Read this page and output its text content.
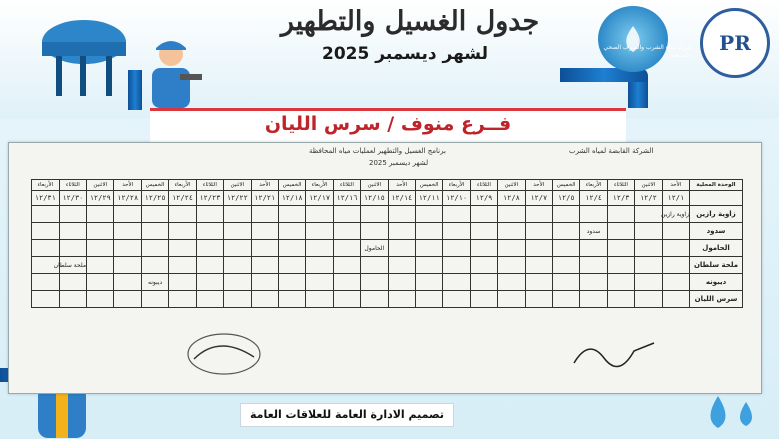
جدول الغسيل والتطهير
لشهر ديسمبر 2025	شركة مياه الشرب والصرف الصحي بالمنوفية
PR
فــرع منوف / سرس الليان
برنامج الغسيل والتطهير لعمليات مياه المحافظة	الشركة القابضة لمياه الشرب
لشهر ديسمبر 2025
الوحدة المحلية	الأحد	الاثنين	الثلاثاء	الأربعاء	الخميس	الأحد	الاثنين	الثلاثاء	الأربعاء	الخميس	الأحد	الاثنين	الثلاثاء	الأربعاء	الخميس	الأحد	الاثنين	الثلاثاء	الأربعاء	الخميس	الأحد	الاثنين	الثلاثاء	الأربعاء
	١٢/١	١٢/٢	١٢/٣	١٢/٤	١٢/٥	١٢/٧	١٢/٨	١٢/٩	١٢/١٠	١٢/١١	١٢/١٤	١٢/١٥	١٢/١٦	١٢/١٧	١٢/١٨	١٢/٢١	١٢/٢٢	١٢/٢٣	١٢/٢٤	١٢/٢٥	١٢/٢٨	١٢/٢٩	١٢/٣٠	١٢/٣١
زاوية رازين	زاوية رازين																							
سدود				سدود																				
الحامول												الحامول												
ملحة سلطان																							ملحة سلطان	
ديبونه																				ديبونه				
سرس الليان																								
تصميم الادارة العامة للعلاقات العامة
